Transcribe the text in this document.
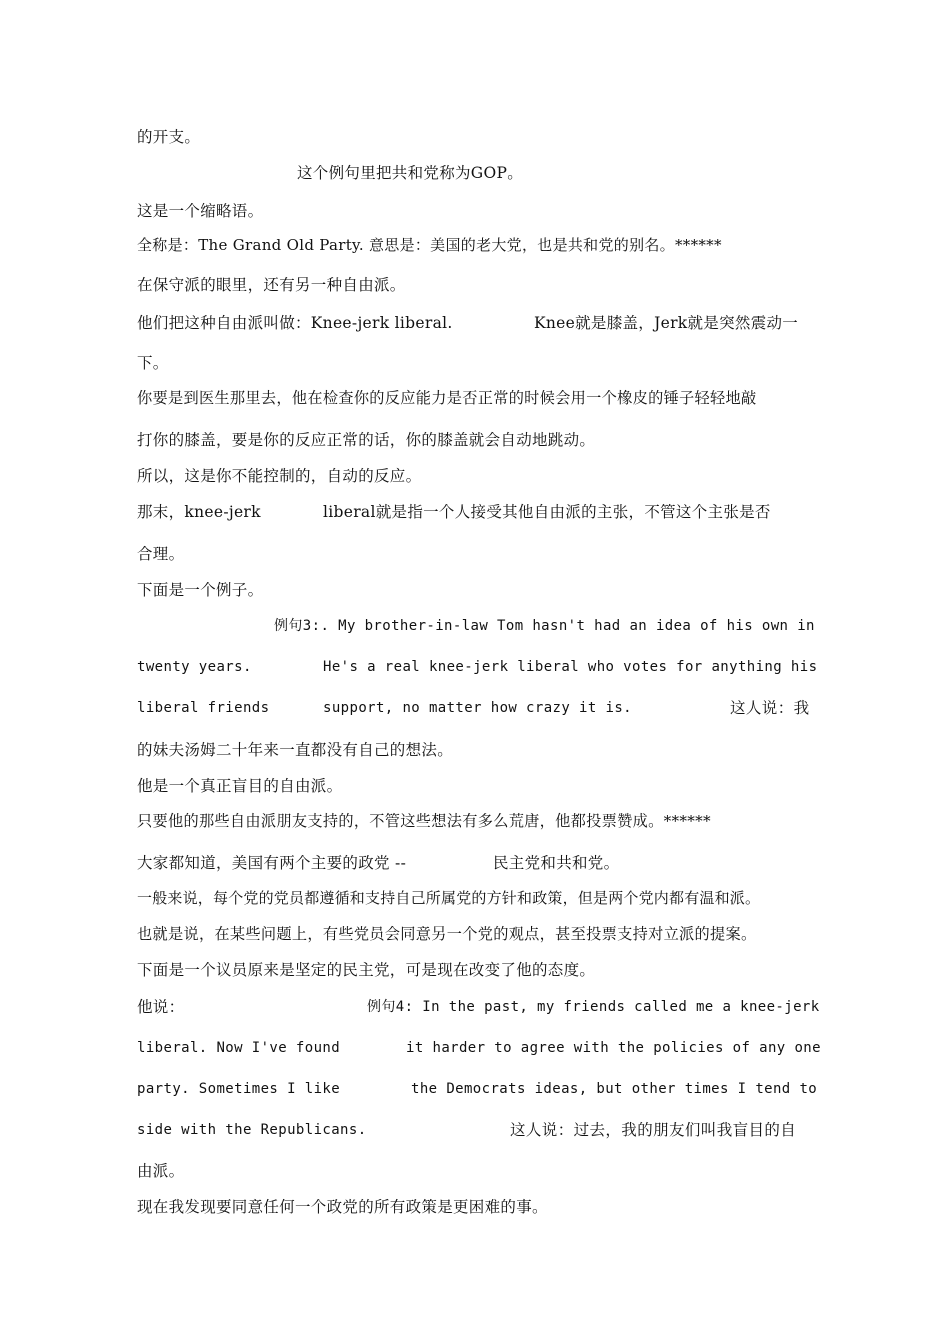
的开支。
这个例句里把共和党称为GOP。
这是一个缩略语。
全称是：The Grand Old Party. 意思是：美国的老大党，也是共和党的别名。******
在保守派的眼里，还有另一种自由派。
他们把这种自由派叫做：Knee-jerk liberal.	Knee就是膝盖，Jerk就是突然震动一
下。
你要是到医生那里去，他在检查你的反应能力是否正常的时候会用一个橡皮的锤子轻轻地敲
打你的膝盖，要是你的反应正常的话，你的膝盖就会自动地跳动。
所以，这是你不能控制的，自动的反应。
那末，knee-jerk	liberal就是指一个人接受其他自由派的主张，不管这个主张是否
合理。
下面是一个例子。
例句3:. My brother-in-law Tom hasn't had an idea of his own in
twenty years.	He's a real knee-jerk liberal who votes for anything his
liberal friends	support, no matter how crazy it is.	这人说：我
的妹夫汤姆二十年来一直都没有自己的想法。
他是一个真正盲目的自由派。
只要他的那些自由派朋友支持的，不管这些想法有多么荒唐，他都投票赞成。******
大家都知道，美国有两个主要的政党 --	民主党和共和党。
一般来说，每个党的党员都遵循和支持自己所属党的方针和政策，但是两个党内都有温和派。
也就是说，在某些问题上，有些党员会同意另一个党的观点，甚至投票支持对立派的提案。
下面是一个议员原来是坚定的民主党，可是现在改变了他的态度。
他说：	例句4: In the past, my friends called me a knee-jerk
liberal. Now I've found	it harder to agree with the policies of any one
party. Sometimes I like	the Democrats ideas, but other times I tend to
side with the Republicans.	这人说：过去，我的朋友们叫我盲目的自
由派。
现在我发现要同意任何一个政党的所有政策是更困难的事。
